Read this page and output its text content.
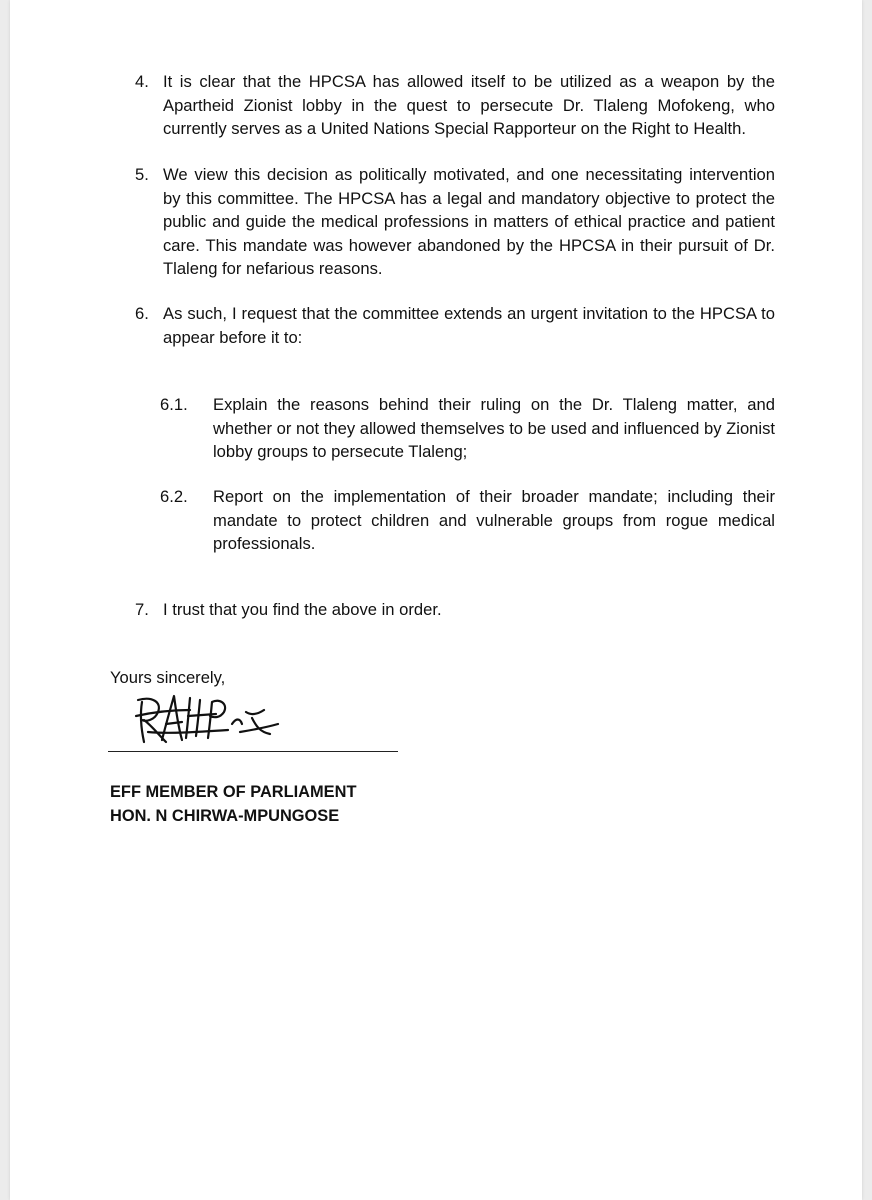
4. It is clear that the HPCSA has allowed itself to be utilized as a weapon by the Apartheid Zionist lobby in the quest to persecute Dr. Tlaleng Mofokeng, who currently serves as a United Nations Special Rapporteur on the Right to Health.
5. We view this decision as politically motivated, and one necessitating intervention by this committee. The HPCSA has a legal and mandatory objective to protect the public and guide the medical professions in matters of ethical practice and patient care. This mandate was however abandoned by the HPCSA in their pursuit of Dr. Tlaleng for nefarious reasons.
6. As such, I request that the committee extends an urgent invitation to the HPCSA to appear before it to:
6.1.	Explain the reasons behind their ruling on the Dr. Tlaleng matter, and whether or not they allowed themselves to be used and influenced by Zionist lobby groups to persecute Tlaleng;
6.2.	Report on the implementation of their broader mandate; including their mandate to protect children and vulnerable groups from rogue medical professionals.
7. I trust that you find the above in order.
Yours sincerely,
EFF MEMBER OF PARLIAMENT
HON. N CHIRWA-MPUNGOSE
